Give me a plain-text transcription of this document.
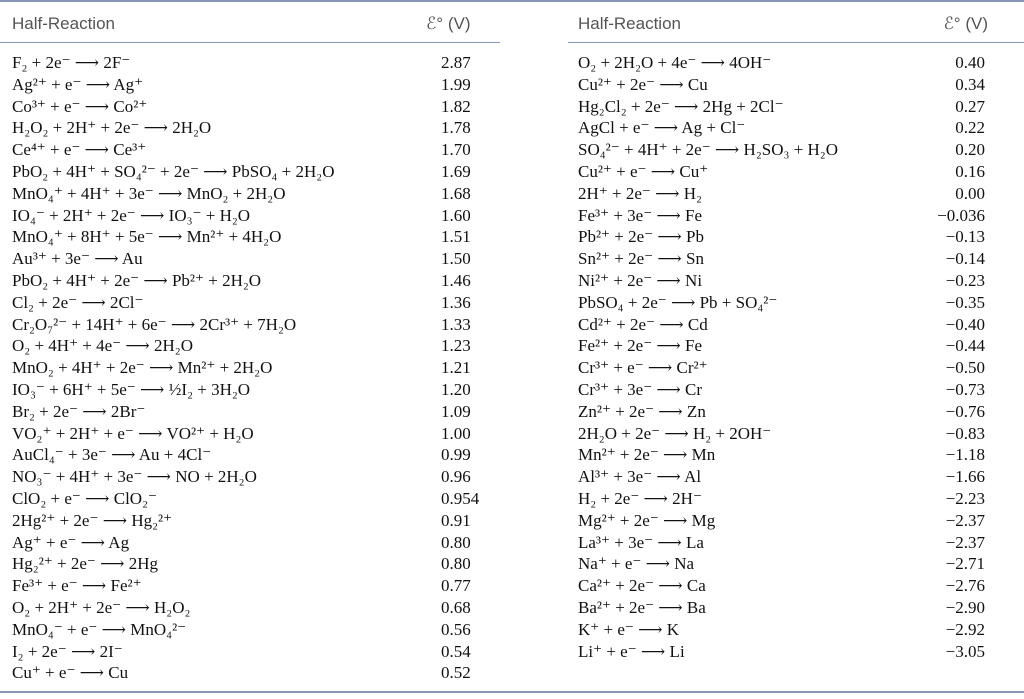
Half-Reaction	ℰ° (V)
F₂ + 2e⁻ ⟶ 2F⁻	2.87
Ag²⁺ + e⁻ ⟶ Ag⁺	1.99
Co³⁺ + e⁻ ⟶ Co²⁺	1.82
H₂O₂ + 2H⁺ + 2e⁻ ⟶ 2H₂O	1.78
Ce⁴⁺ + e⁻ ⟶ Ce³⁺	1.70
PbO₂ + 4H⁺ + SO₄²⁻ + 2e⁻ ⟶ PbSO₄ + 2H₂O	1.69
MnO₄⁺ + 4H⁺ + 3e⁻ ⟶ MnO₂ + 2H₂O	1.68
IO₄⁻ + 2H⁺ + 2e⁻ ⟶ IO₃⁻ + H₂O	1.60
MnO₄⁺ + 8H⁺ + 5e⁻ ⟶ Mn²⁺ + 4H₂O	1.51
Au³⁺ + 3e⁻ ⟶ Au	1.50
PbO₂ + 4H⁺ + 2e⁻ ⟶ Pb²⁺ + 2H₂O	1.46
Cl₂ + 2e⁻ ⟶ 2Cl⁻	1.36
Cr₂O₇²⁻ + 14H⁺ + 6e⁻ ⟶ 2Cr³⁺ + 7H₂O	1.33
O₂ + 4H⁺ + 4e⁻ ⟶ 2H₂O	1.23
MnO₂ + 4H⁺ + 2e⁻ ⟶ Mn²⁺ + 2H₂O	1.21
IO₃⁻ + 6H⁺ + 5e⁻ ⟶ ½I₂ + 3H₂O	1.20
Br₂ + 2e⁻ ⟶ 2Br⁻	1.09
VO₂⁺ + 2H⁺ + e⁻ ⟶ VO²⁺ + H₂O	1.00
AuCl₄⁻ + 3e⁻ ⟶ Au + 4Cl⁻	0.99
NO₃⁻ + 4H⁺ + 3e⁻ ⟶ NO + 2H₂O	0.96
ClO₂ + e⁻ ⟶ ClO₂⁻	0.954
2Hg²⁺ + 2e⁻ ⟶ Hg₂²⁺	0.91
Ag⁺ + e⁻ ⟶ Ag	0.80
Hg₂²⁺ + 2e⁻ ⟶ 2Hg	0.80
Fe³⁺ + e⁻ ⟶ Fe²⁺	0.77
O₂ + 2H⁺ + 2e⁻ ⟶ H₂O₂	0.68
MnO₄⁻ + e⁻ ⟶ MnO₄²⁻	0.56
I₂ + 2e⁻ ⟶ 2I⁻	0.54
Cu⁺ + e⁻ ⟶ Cu	0.52
Half-Reaction	ℰ° (V)
O₂ + 2H₂O + 4e⁻ ⟶ 4OH⁻	0.40
Cu²⁺ + 2e⁻ ⟶ Cu	0.34
Hg₂Cl₂ + 2e⁻ ⟶ 2Hg + 2Cl⁻	0.27
AgCl + e⁻ ⟶ Ag + Cl⁻	0.22
SO₄²⁻ + 4H⁺ + 2e⁻ ⟶ H₂SO₃ + H₂O	0.20
Cu²⁺ + e⁻ ⟶ Cu⁺	0.16
2H⁺ + 2e⁻ ⟶ H₂	0.00
Fe³⁺ + 3e⁻ ⟶ Fe	−0.036
Pb²⁺ + 2e⁻ ⟶ Pb	−0.13
Sn²⁺ + 2e⁻ ⟶ Sn	−0.14
Ni²⁺ + 2e⁻ ⟶ Ni	−0.23
PbSO₄ + 2e⁻ ⟶ Pb + SO₄²⁻	−0.35
Cd²⁺ + 2e⁻ ⟶ Cd	−0.40
Fe²⁺ + 2e⁻ ⟶ Fe	−0.44
Cr³⁺ + e⁻ ⟶ Cr²⁺	−0.50
Cr³⁺ + 3e⁻ ⟶ Cr	−0.73
Zn²⁺ + 2e⁻ ⟶ Zn	−0.76
2H₂O + 2e⁻ ⟶ H₂ + 2OH⁻	−0.83
Mn²⁺ + 2e⁻ ⟶ Mn	−1.18
Al³⁺ + 3e⁻ ⟶ Al	−1.66
H₂ + 2e⁻ ⟶ 2H⁻	−2.23
Mg²⁺ + 2e⁻ ⟶ Mg	−2.37
La³⁺ + 3e⁻ ⟶ La	−2.37
Na⁺ + e⁻ ⟶ Na	−2.71
Ca²⁺ + 2e⁻ ⟶ Ca	−2.76
Ba²⁺ + 2e⁻ ⟶ Ba	−2.90
K⁺ + e⁻ ⟶ K	−2.92
Li⁺ + e⁻ ⟶ Li	−3.05
